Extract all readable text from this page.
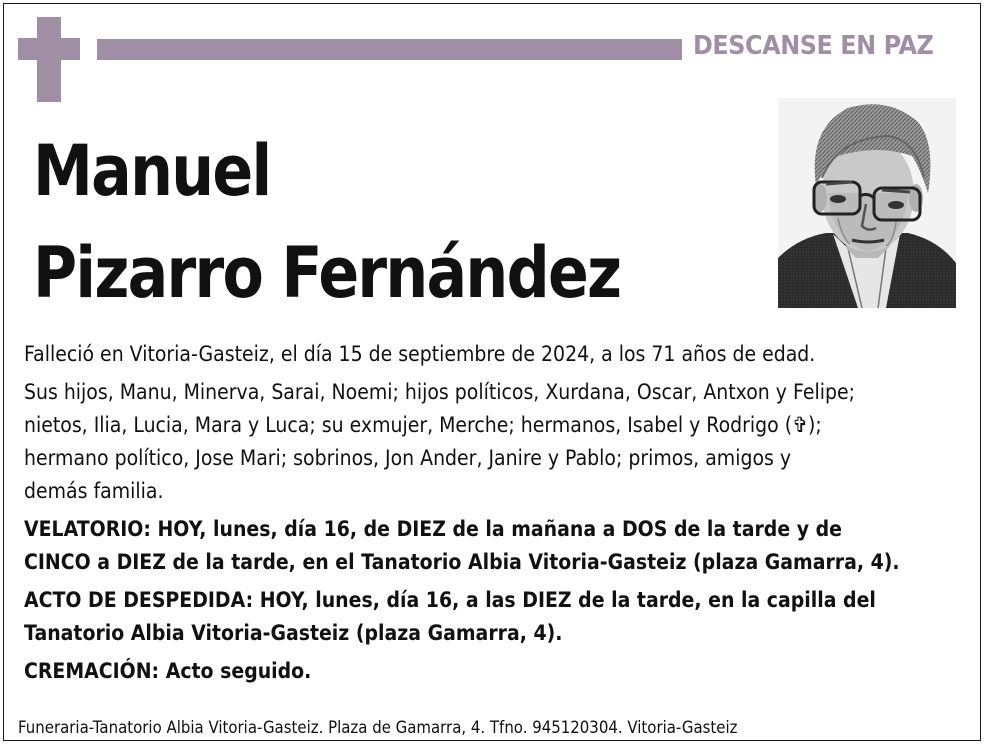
DESCANSE EN PAZ
Manuel
Pizarro Fernández

Falleció en Vitoria-Gasteiz, el día 15 de septiembre de 2024, a los 71 años de edad.

Sus hijos, Manu, Minerva, Sarai, Noemi; hijos políticos, Xurdana, Oscar, Antxon y Felipe;
nietos, Ilia, Lucia, Mara y Luca; su exmujer, Merche; hermanos, Isabel y Rodrigo (✞);
hermano político, Jose Mari; sobrinos, Jon Ander, Janire y Pablo; primos, amigos y
demás familia.

VELATORIO: HOY, lunes, día 16, de DIEZ de la mañana a DOS de la tarde y de
CINCO a DIEZ de la tarde, en el Tanatorio Albia Vitoria-Gasteiz (plaza Gamarra, 4).

ACTO DE DESPEDIDA: HOY, lunes, día 16, a las DIEZ de la tarde, en la capilla del
Tanatorio Albia Vitoria-Gasteiz (plaza Gamarra, 4).

CREMACIÓN: Acto seguido.

Funeraria-Tanatorio Albia Vitoria-Gasteiz. Plaza de Gamarra, 4. Tfno. 945120304. Vitoria-Gasteiz
